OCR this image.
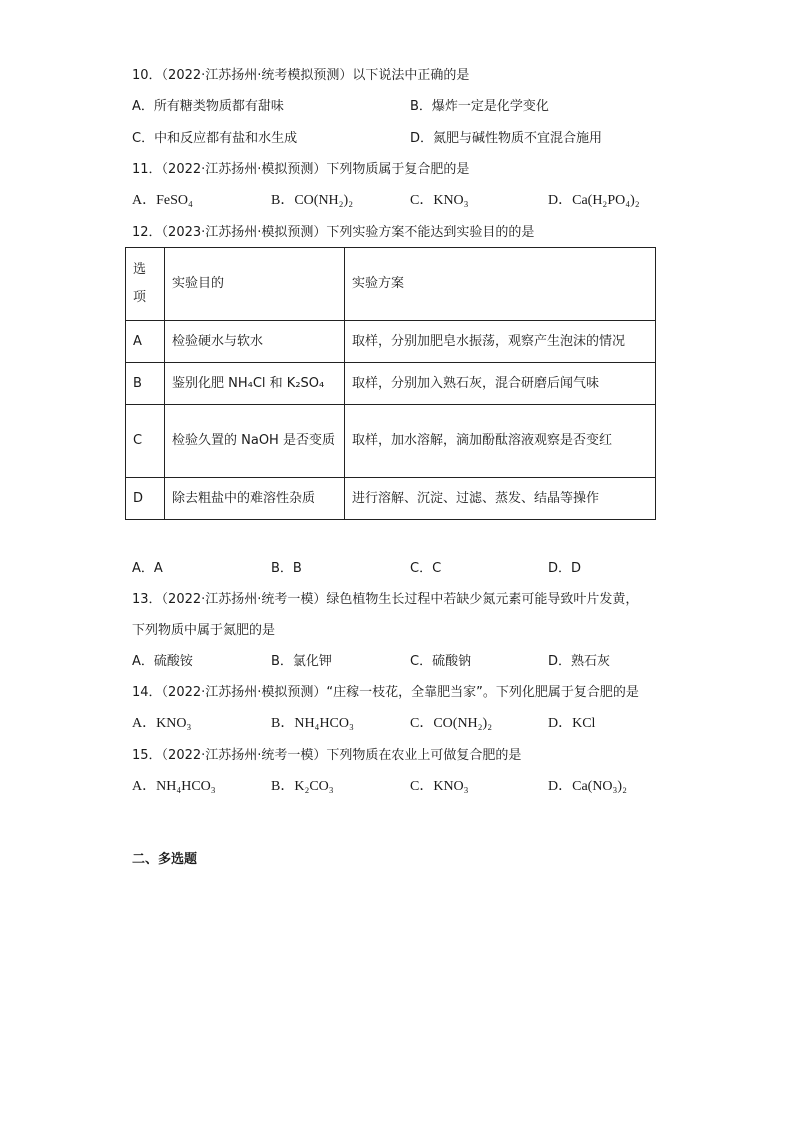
10．（2022·江苏扬州·统考模拟预测）以下说法中正确的是
A．所有糖类物质都有甜味	B．爆炸一定是化学变化
C．中和反应都有盐和水生成	D．氮肥与碱性物质不宜混合施用
11．（2022·江苏扬州·模拟预测）下列物质属于复合肥的是
A．FeSO₄	B．CO(NH₂)₂	C．KNO₃	D．Ca(H₂PO₄)₂
12．（2023·江苏扬州·模拟预测）下列实验方案不能达到实验目的的是
选项	实验目的	实验方案
A	检验硬水与软水	取样，分别加肥皂水振荡，观察产生泡沫的情况
B	鉴别化肥 NH₄Cl 和 K₂SO₄	取样，分别加入熟石灰，混合研磨后闻气味
C	检验久置的 NaOH 是否变质	取样，加水溶解，滴加酚酞溶液观察是否变红
D	除去粗盐中的难溶性杂质	进行溶解、沉淀、过滤、蒸发、结晶等操作
A．A	B．B	C．C	D．D
13．（2022·江苏扬州·统考一模）绿色植物生长过程中若缺少氮元素可能导致叶片发黄，
下列物质中属于氮肥的是
A．硫酸铵	B．氯化钾	C．硫酸钠	D．熟石灰
14．（2022·江苏扬州·模拟预测）“庄稼一枝花，全靠肥当家”。下列化肥属于复合肥的是
A．KNO₃	B．NH₄HCO₃	C．CO(NH₂)₂	D．KCl
15．（2022·江苏扬州·统考一模）下列物质在农业上可做复合肥的是
A．NH₄HCO₃	B．K₂CO₃	C．KNO₃	D．Ca(NO₃)₂
二、多选题
